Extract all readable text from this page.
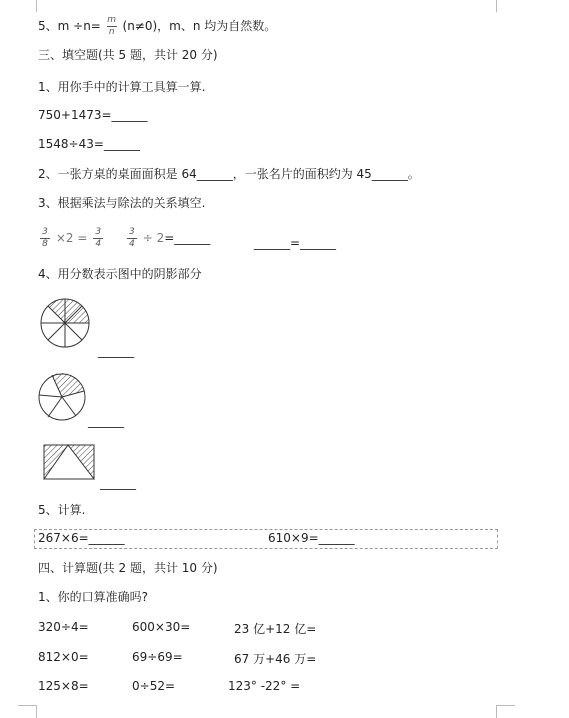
5、$m \div n= \frac{m}{n} (n\ne 0)$，m、n 均为自然数。
三、填空题(共 5 题，共计 20 分)
1、用你手中的计算工具算一算.
750+1473=______
1548÷43=______
2、一张方桌的桌面面积是 64______，一张名片的面积约为 45______。
3、根据乘法与除法的关系填空.
$\frac{3}{8} \times 2 = \frac{3}{4}$
	$\frac{3}{4}$ ÷ 2=______	______=______
4、用分数表示图中的阴影部分
______
______
______
5、计算.
267×6=______	610×9=______
四、计算题(共 2 题，共计 10 分)
1、你的口算准确吗?
320÷4=	600×30=	23 亿+12 亿=
812×0=	69÷69=	67 万+46 万=
125×8=	0÷52=	123° -22° =
